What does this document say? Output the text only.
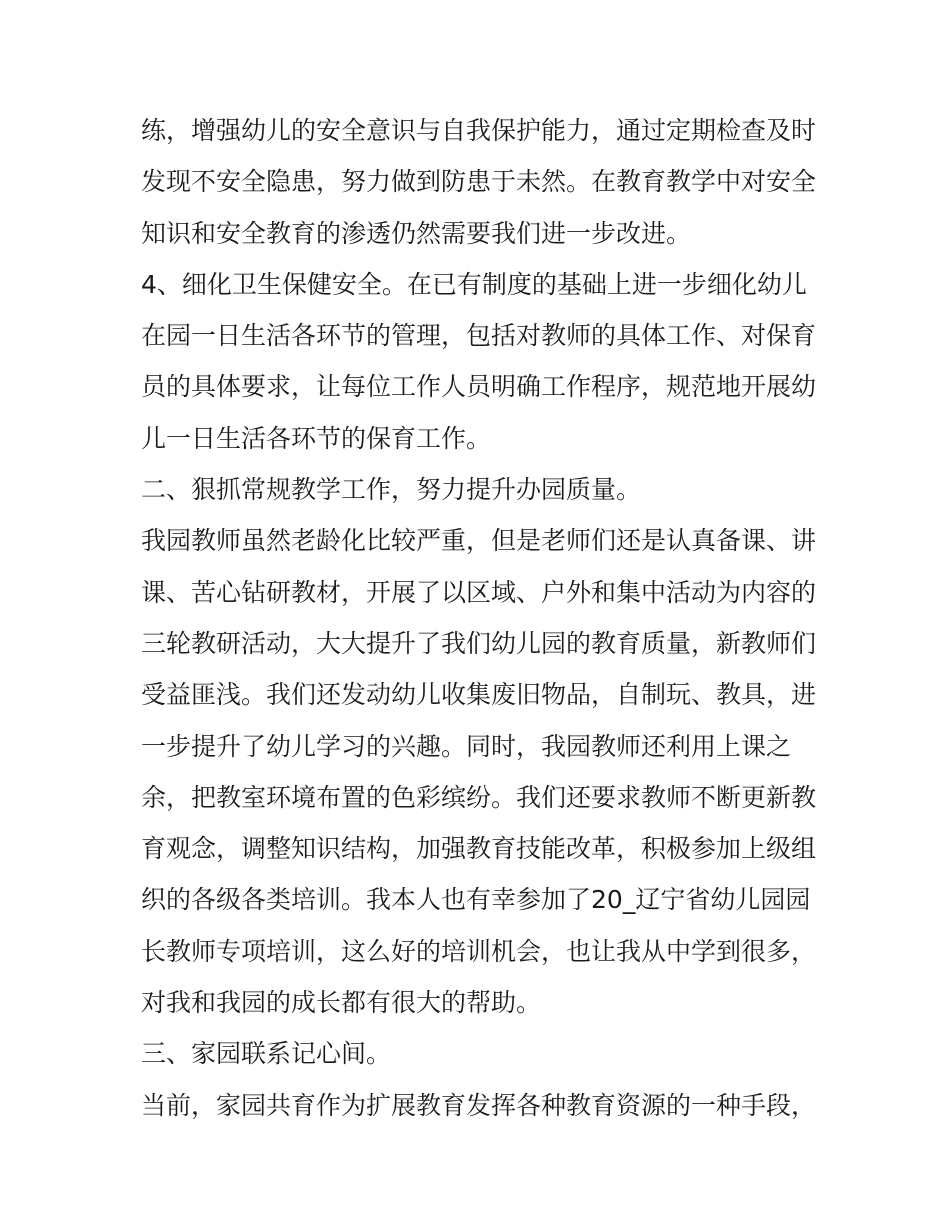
练，增强幼儿的安全意识与自我保护能力，通过定期检查及时
发现不安全隐患，努力做到防患于未然。在教育教学中对安全
知识和安全教育的渗透仍然需要我们进一步改进。
4、细化卫生保健安全。在已有制度的基础上进一步细化幼儿
在园一日生活各环节的管理，包括对教师的具体工作、对保育
员的具体要求，让每位工作人员明确工作程序，规范地开展幼
儿一日生活各环节的保育工作。
二、狠抓常规教学工作，努力提升办园质量。
我园教师虽然老龄化比较严重，但是老师们还是认真备课、讲
课、苦心钻研教材，开展了以区域、户外和集中活动为内容的
三轮教研活动，大大提升了我们幼儿园的教育质量，新教师们
受益匪浅。我们还发动幼儿收集废旧物品，自制玩、教具，进
一步提升了幼儿学习的兴趣。同时，我园教师还利用上课之
余，把教室环境布置的色彩缤纷。我们还要求教师不断更新教
育观念，调整知识结构，加强教育技能改革，积极参加上级组
织的各级各类培训。我本人也有幸参加了20_辽宁省幼儿园园
长教师专项培训，这么好的培训机会，也让我从中学到很多，
对我和我园的成长都有很大的帮助。
三、家园联系记心间。
当前，家园共育作为扩展教育发挥各种教育资源的一种手段，
